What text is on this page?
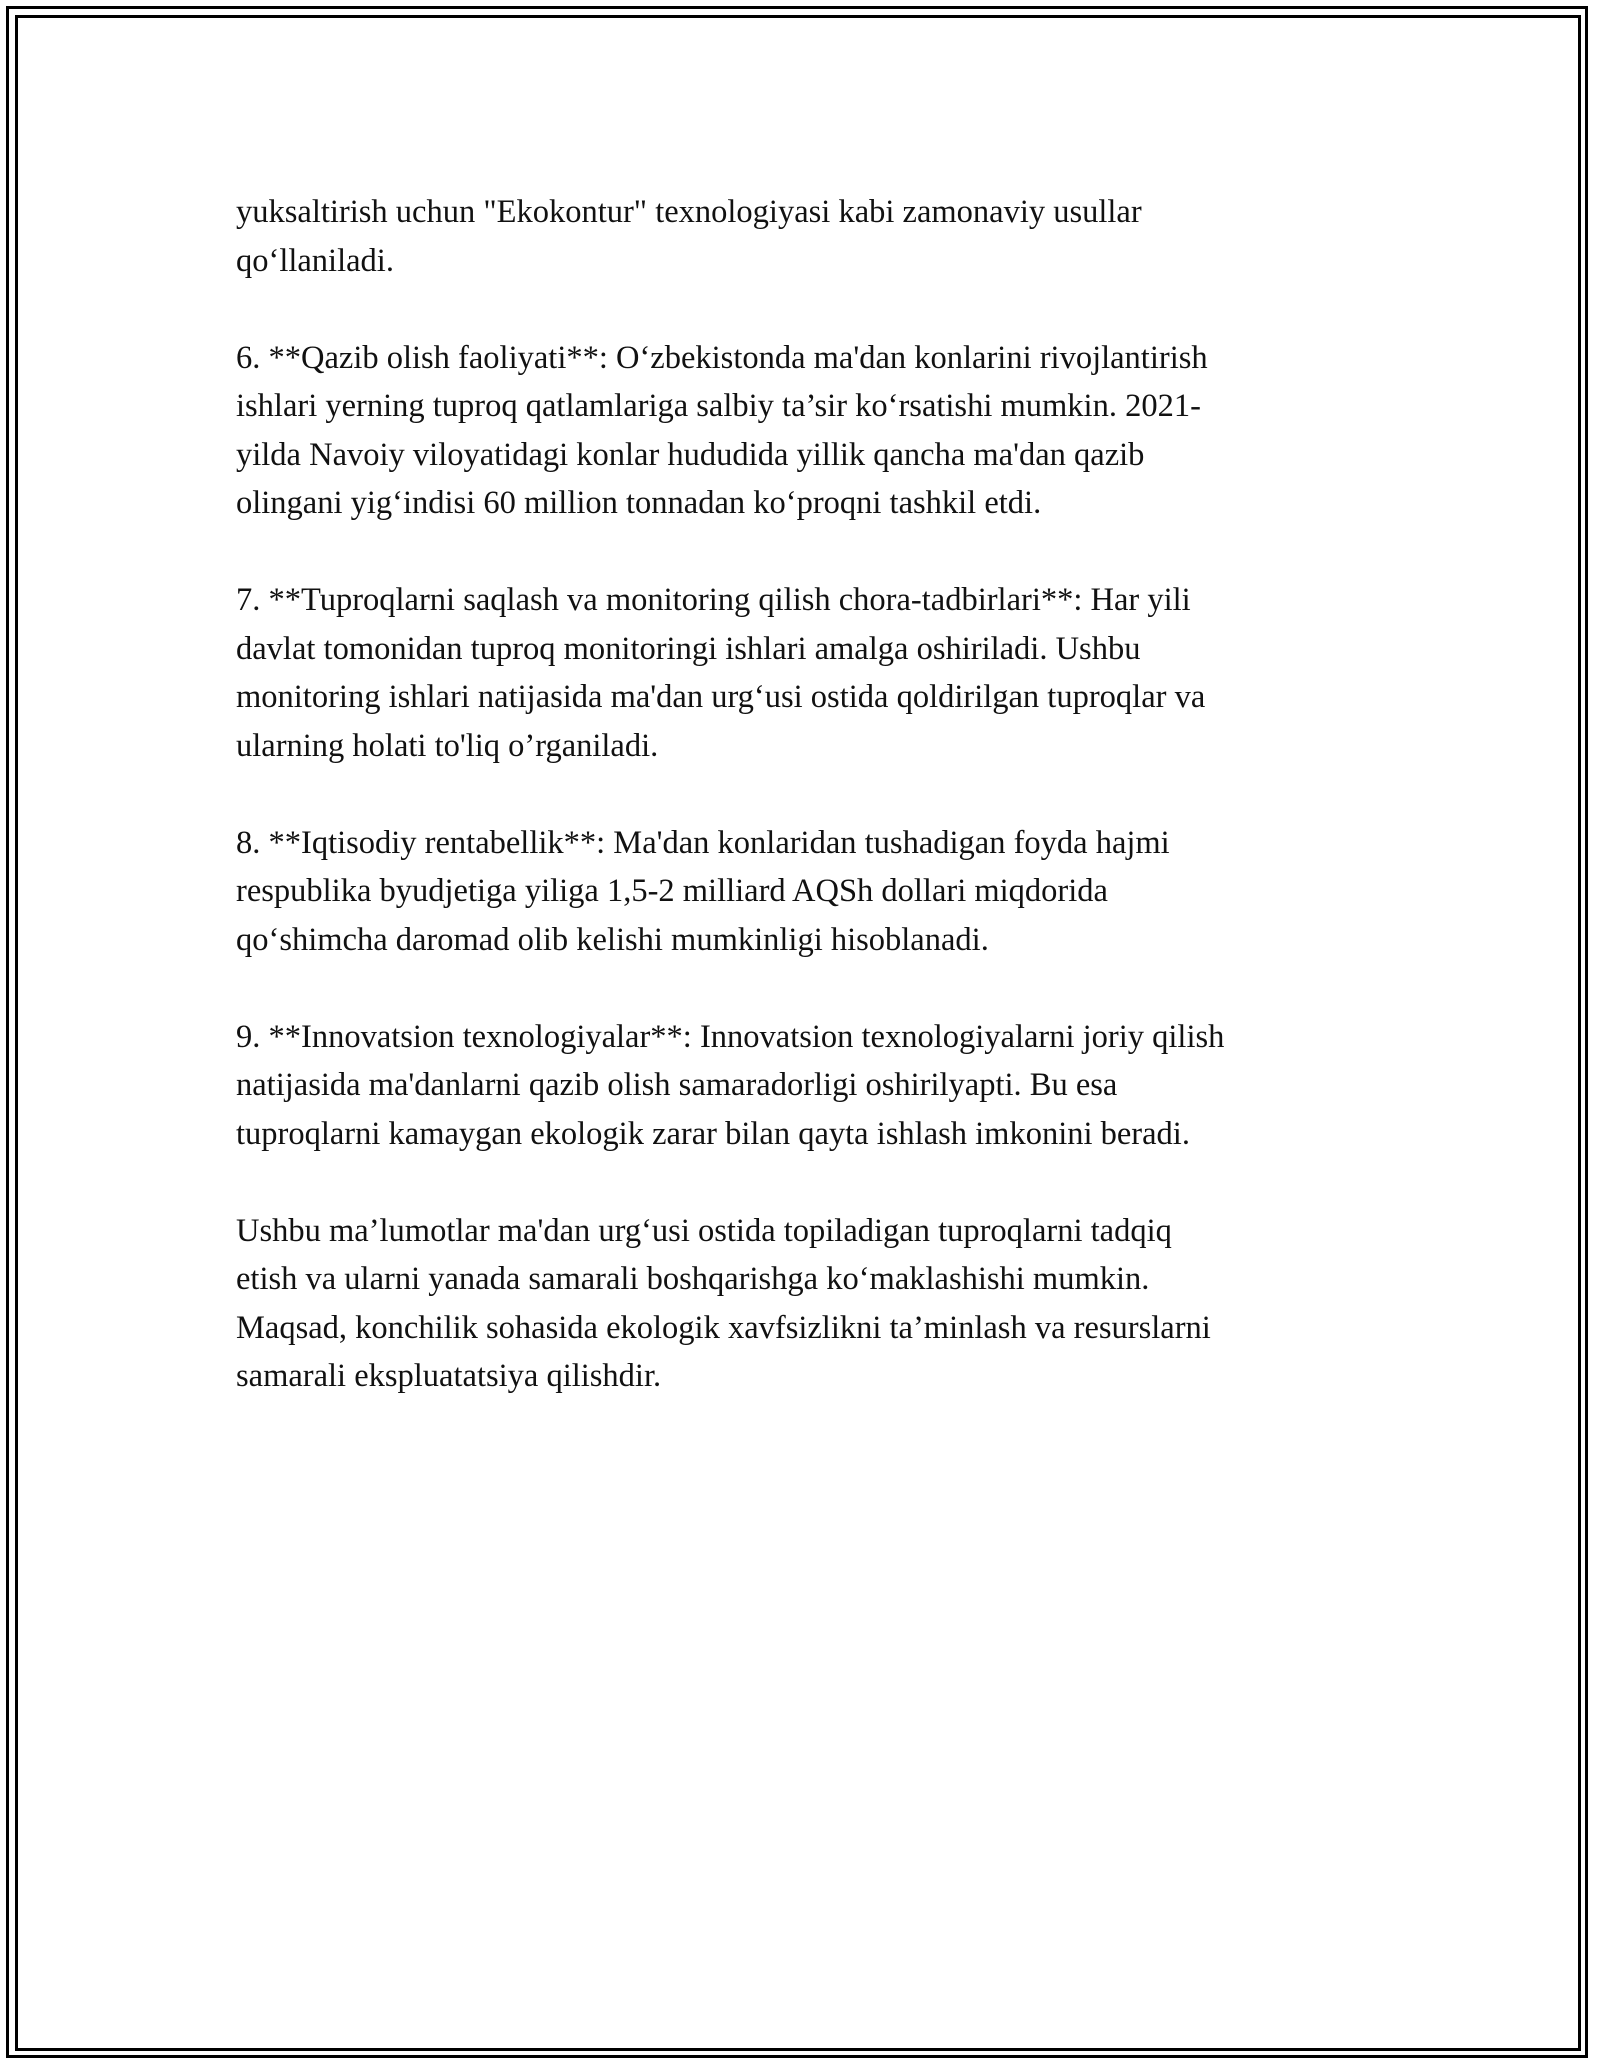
yuksaltirish uchun "Ekokontur" texnologiyasi kabi zamonaviy usullar
qo‘llaniladi.

6. **Qazib olish faoliyati**: O‘zbekistonda ma'dan konlarini rivojlantirish
ishlari yerning tuproq qatlamlariga salbiy ta’sir ko‘rsatishi mumkin. 2021-
yilda Navoiy viloyatidagi konlar hududida yillik qancha ma'dan qazib
olingani yig‘indisi 60 million tonnadan ko‘proqni tashkil etdi.

7. **Tuproqlarni saqlash va monitoring qilish chora-tadbirlari**: Har yili
davlat tomonidan tuproq monitoringi ishlari amalga oshiriladi. Ushbu
monitoring ishlari natijasida ma'dan urg‘usi ostida qoldirilgan tuproqlar va
ularning holati to'liq o’rganiladi.

8. **Iqtisodiy rentabellik**: Ma'dan konlaridan tushadigan foyda hajmi
respublika byudjetiga yiliga 1,5-2 milliard AQSh dollari miqdorida
qo‘shimcha daromad olib kelishi mumkinligi hisoblanadi.

9. **Innovatsion texnologiyalar**: Innovatsion texnologiyalarni joriy qilish
natijasida ma'danlarni qazib olish samaradorligi oshirilyapti. Bu esa
tuproqlarni kamaygan ekologik zarar bilan qayta ishlash imkonini beradi.

Ushbu ma’lumotlar ma'dan urg‘usi ostida topiladigan tuproqlarni tadqiq
etish va ularni yanada samarali boshqarishga ko‘maklashishi mumkin.
Maqsad, konchilik sohasida ekologik xavfsizlikni ta’minlash va resurslarni
samarali ekspluatatsiya qilishdir.
